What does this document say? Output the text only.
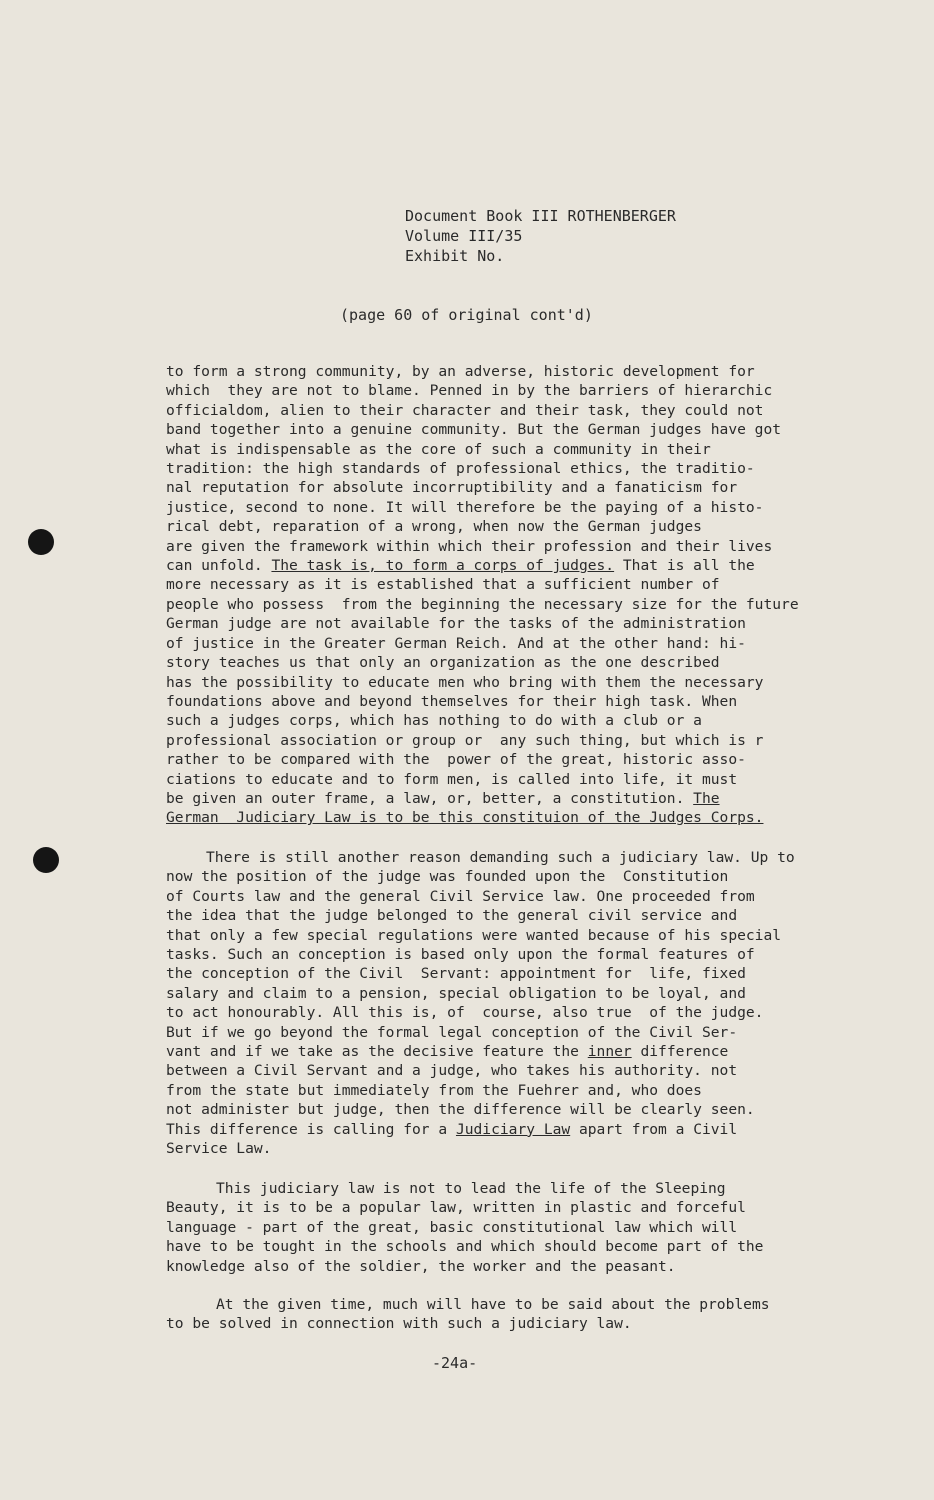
Document Book III ROTHENBERGER
Volume III/35
Exhibit No.
(page 60 of original cont'd)
to form a strong community, by an adverse, historic development for
which  they are not to blame. Penned in by the barriers of hierarchic
officialdom, alien to their character and their task, they could not
band together into a genuine community. But the German judges have got
what is indispensable as the core of such a community in their
tradition: the high standards of professional ethics, the traditio-
nal reputation for absolute incorruptibility and a fanaticism for
justice, second to none. It will therefore be the paying of a histo-
rical debt, reparation of a wrong, when now the German judges
are given the framework within which their profession and their lives
can unfold. The task is, to form a corps of judges. That is all the
more necessary as it is established that a sufficient number of
people who possess  from the beginning the necessary size for the future
German judge are not available for the tasks of the administration
of justice in the Greater German Reich. And at the other hand: hi-
story teaches us that only an organization as the one described
has the possibility to educate men who bring with them the necessary
foundations above and beyond themselves for their high task. When
such a judges corps, which has nothing to do with a club or a
professional association or group or  any such thing, but which is r
rather to be compared with the  power of the great, historic asso-
ciations to educate and to form men, is called into life, it must
be given an outer frame, a law, or, better, a constitution. The
German  Judiciary Law is to be this constituion of the Judges Corps.
There is still another reason demanding such a judiciary law. Up to
now the position of the judge was founded upon the  Constitution
of Courts law and the general Civil Service law. One proceeded from
the idea that the judge belonged to the general civil service and
that only a few special regulations were wanted because of his special
tasks. Such an conception is based only upon the formal features of
the conception of the Civil  Servant: appointment for  life, fixed
salary and claim to a pension, special obligation to be loyal, and
to act honourably. All this is, of  course, also true  of the judge.
But if we go beyond the formal legal conception of the Civil Ser-
vant and if we take as the decisive feature the inner difference
between a Civil Servant and a judge, who takes his authority. not
from the state but immediately from the Fuehrer and, who does
not administer but judge, then the difference will be clearly seen.
This difference is calling for a Judiciary Law apart from a Civil
Service Law.
This judiciary law is not to lead the life of the Sleeping
Beauty, it is to be a popular law, written in plastic and forceful
language - part of the great, basic constitutional law which will
have to be tought in the schools and which should become part of the
knowledge also of the soldier, the worker and the peasant.
At the given time, much will have to be said about the problems
to be solved in connection with such a judiciary law.
-24a-
